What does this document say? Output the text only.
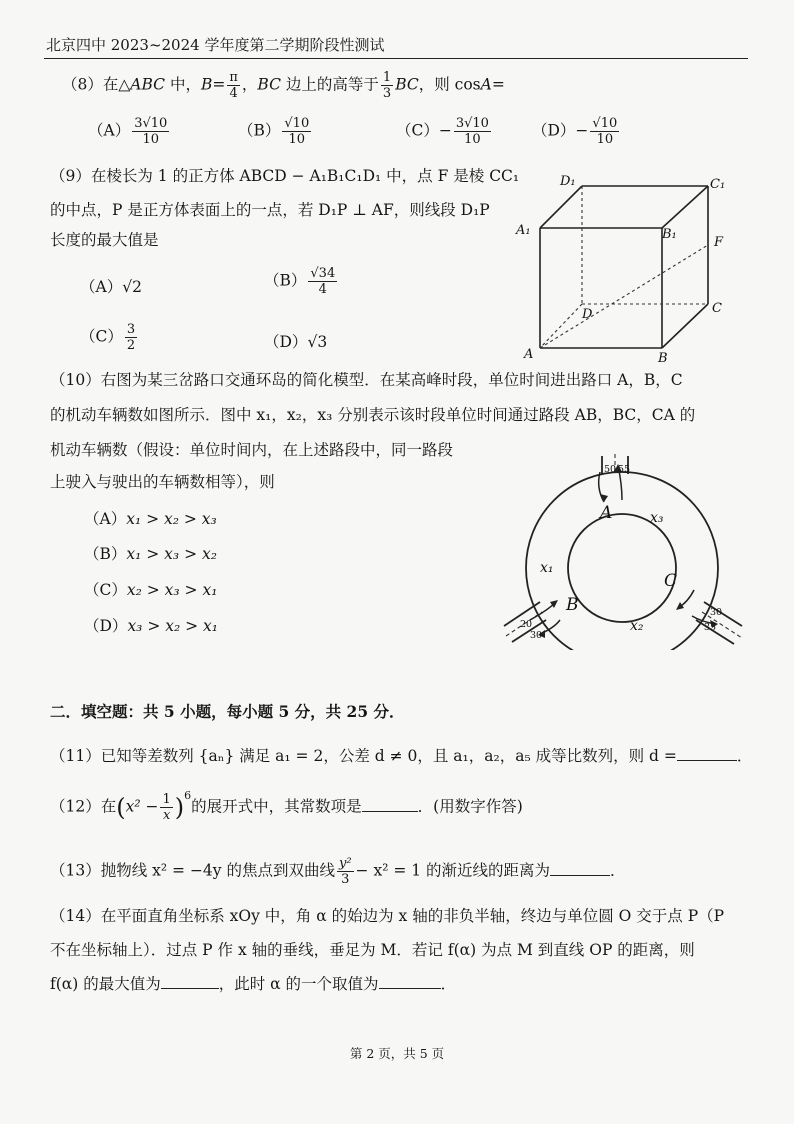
北京四中 2023~2024 学年度第二学期阶段性测试
（8）在△ABC 中，$B= \frac{\pi}{4}$ ，BC 边上的高等于 $\frac{1}{3}$ BC，则 cosA=
$(A) \frac{3√10}{10}$	$(B) \frac{√10}{10}$	$(C)- \frac{3√10}{10}$	$(D)- \frac{√10}{10}$
（9）在棱长为 1 的正方体 ABCD − A₁B₁C₁D₁ 中，点 F 是棱 CC₁
的中点，P 是正方体表面上的一点，若 D₁P ⊥ AF，则线段 D₁P
长度的最大值是
（A）√2	$(B) \frac{√34}{4}$
$(C) \frac{3}{2}$	（D）√3
D₁	C₁
A₁	B₁
F
D	C
A	B
（10）右图为某三岔路口交通环岛的简化模型．在某高峰时段，单位时间进出路口 A，B，C
的机动车辆数如图所示．图中 x₁，x₂，x₃ 分别表示该时段单位时间通过路段 AB，BC，CA 的
机动车辆数（假设：单位时间内，在上述路段中，同一路段
上驶入与驶出的车辆数相等），则
（A）x₁ > x₂ > x₃
（B）x₁ > x₃ > x₂
（C）x₂ > x₃ > x₁
（D）x₃ > x₂ > x₁
A
B
C
x₁
x₂
x₃
50 55
20
30
30
35
二．填空题：共 5 小题，每小题 5 分，共 25 分．
（11）已知等差数列 {aₙ} 满足 a₁ = 2，公差 d ≠ 0，且 a₁，a₂，a₅ 成等比数列，则 d =	．
（12）在$(x^2 - \frac{1}{x} )^6$的展开式中，其常数项是	．(用数字作答)
（13）抛物线 x² = −4y 的焦点到双曲线 $\frac{\text{y²}}{3} - x^2 = 1$ 的渐近线的距离为	．
（14）在平面直角坐标系 xOy 中，角 α 的始边为 x 轴的非负半轴，终边与单位圆 O 交于点 P（P
不在坐标轴上）．过点 P 作 x 轴的垂线，垂足为 M．若记 f(α) 为点 M 到直线 OP 的距离，则
f(α) 的最大值为	，此时 α 的一个取值为	．
第 2 页，共 5 页
